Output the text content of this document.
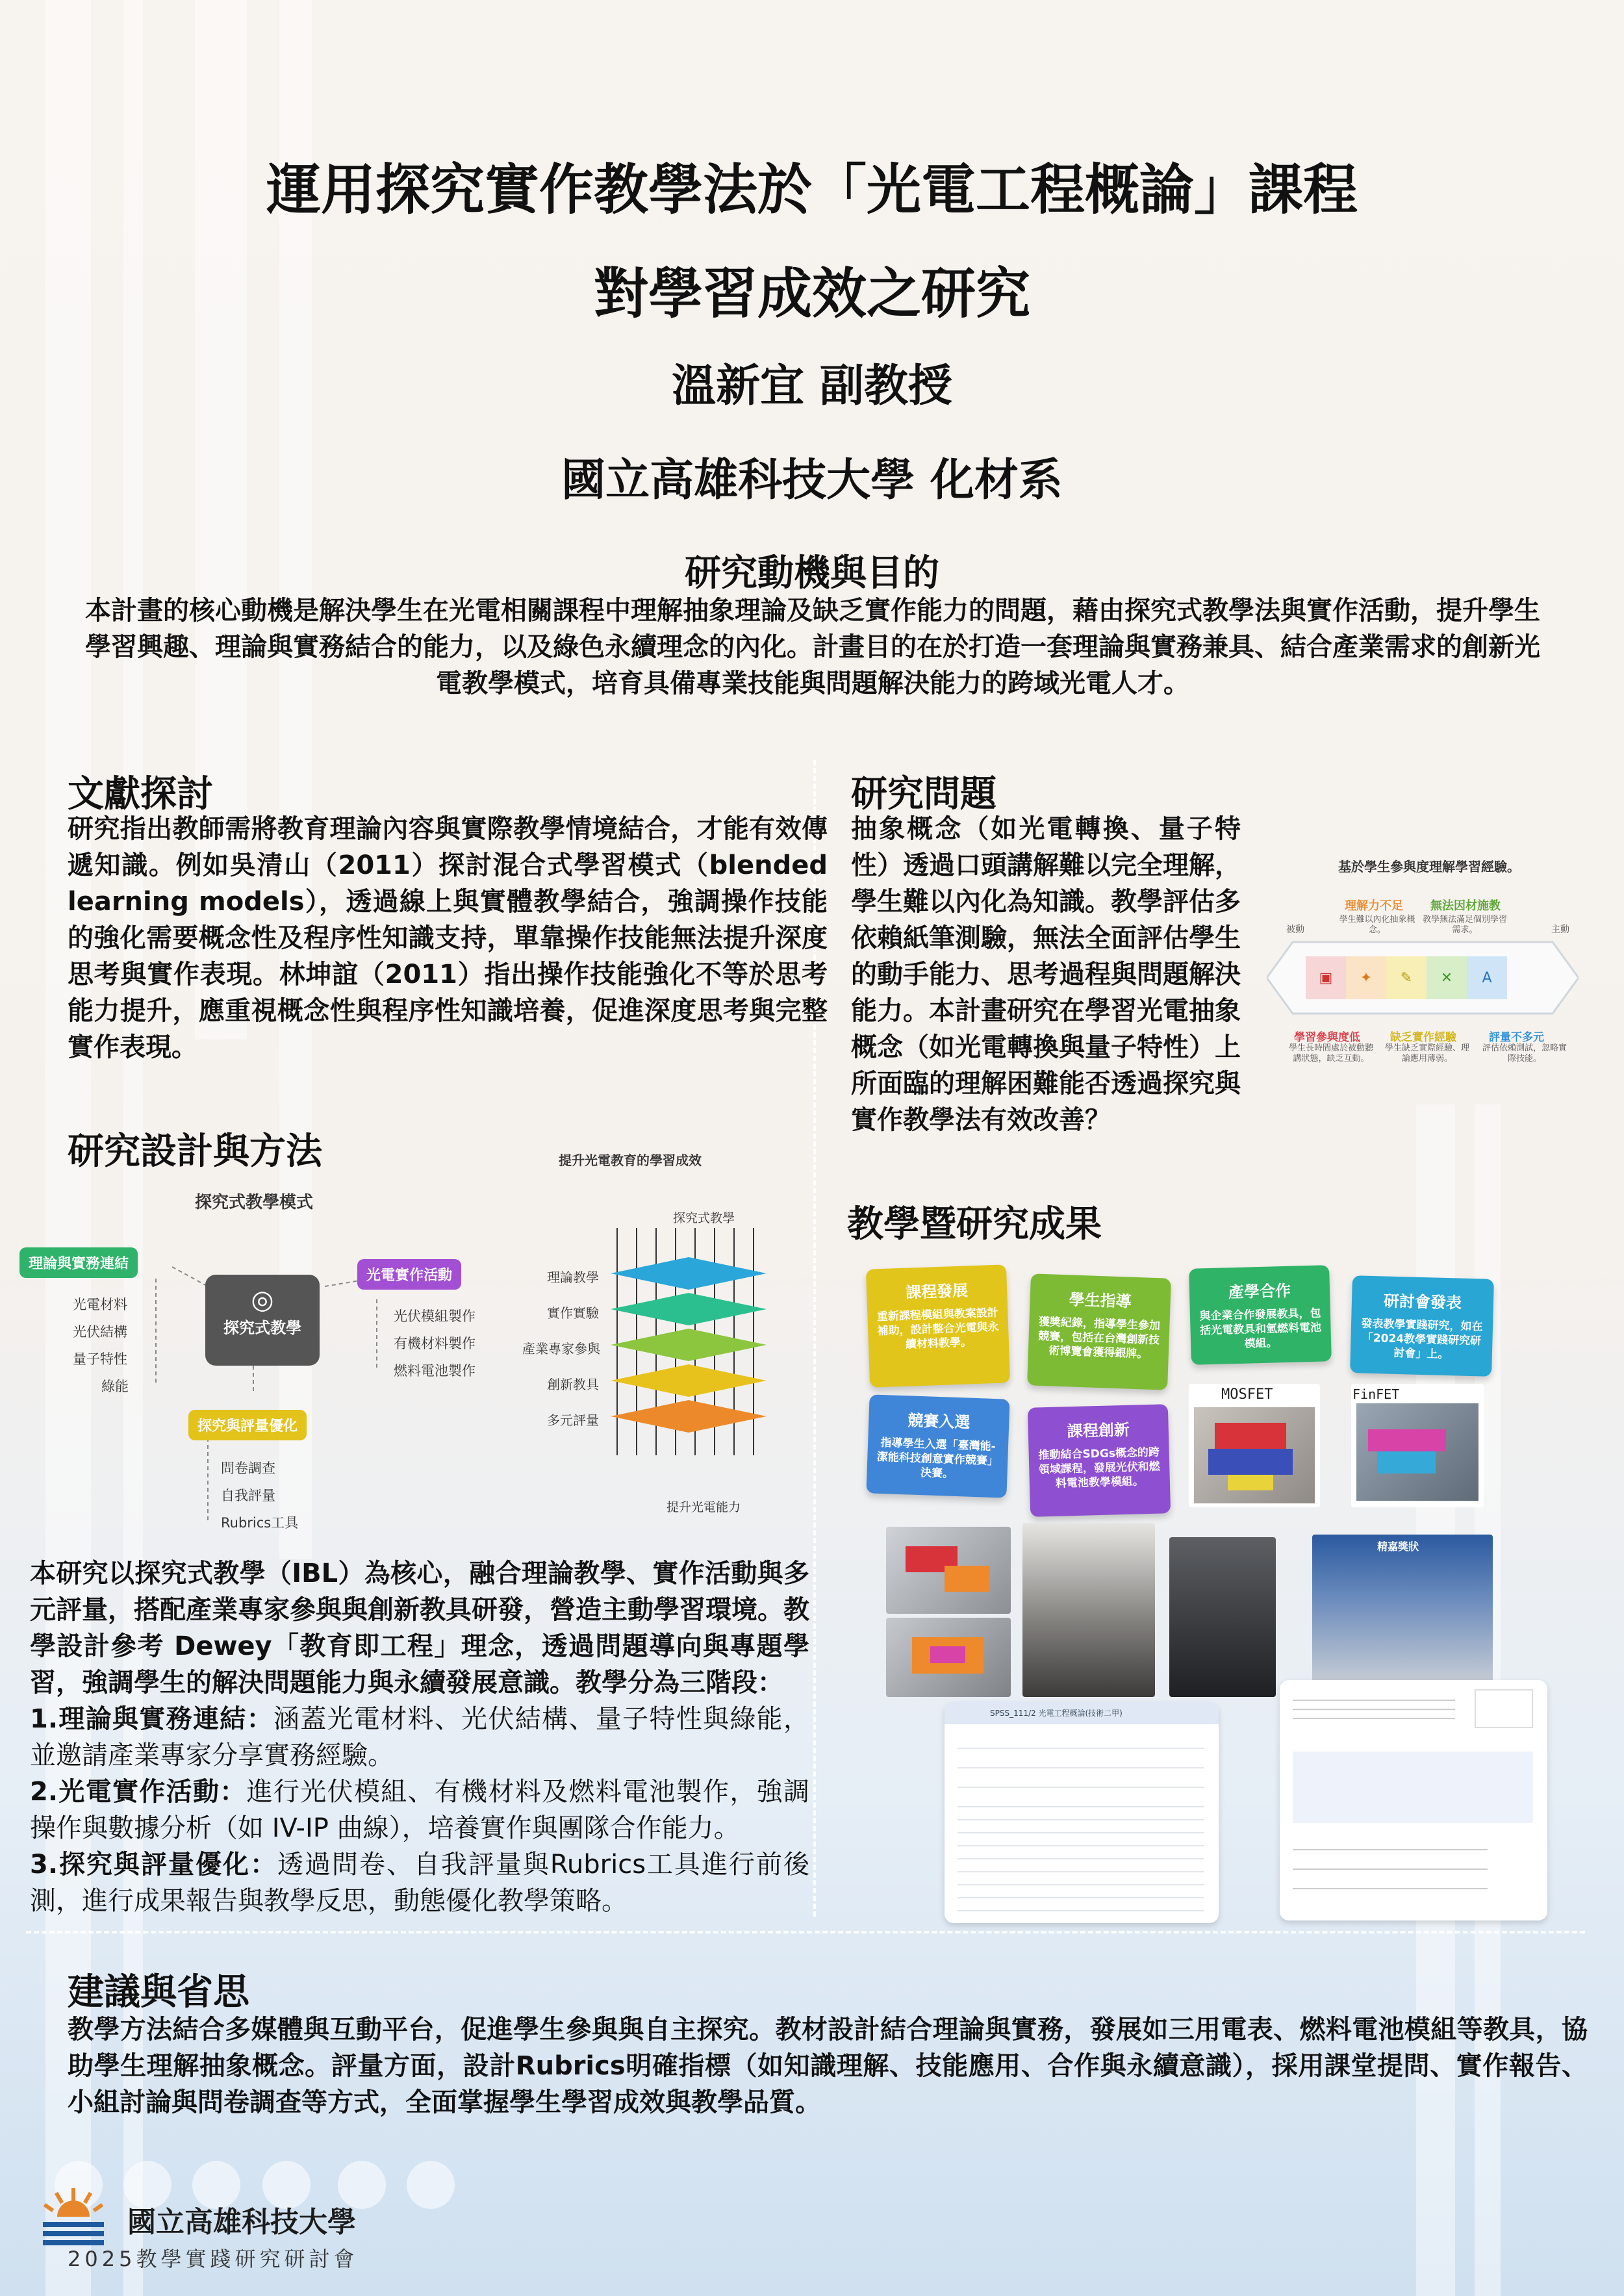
運用探究實作教學法於「光電工程概論」課程
對學習成效之研究
溫新宜 副教授
國立高雄科技大學 化材系
研究動機與目的
本計畫的核心動機是解決學生在光電相關課程中理解抽象理論及缺乏實作能力的問題，藉由探究式教學法與實作活動，提升學生學習興趣、理論與實務結合的能力，以及綠色永續理念的內化。計畫目的在於打造一套理論與實務兼具、結合產業需求的創新光電教學模式，培育具備專業技能與問題解決能力的跨域光電人才。
文獻探討
研究指出教師需將教育理論內容與實際教學情境結合，才能有效傳遞知識。例如吳清山（2011）探討混合式學習模式（blended learning models），透過線上與實體教學結合，強調操作技能的強化需要概念性及程序性知識支持，單靠操作技能無法提升深度思考與實作表現。林坤誼（2011）指出操作技能強化不等於思考能力提升，應重視概念性與程序性知識培養，促進深度思考與完整實作表現。
研究問題
抽象概念（如光電轉換、量子特性）透過口頭講解難以完全理解，學生難以內化為知識。教學評估多依賴紙筆測驗，無法全面評估學生的動手能力、思考過程與問題解決能力。本計畫研究在學習光電抽象概念（如光電轉換與量子特性）上所面臨的理解困難能否透過探究與實作教學法有效改善？
基於學生參與度理解學習經驗。
理解力不足
學生難以內化抽象概念。
無法因材施教
教學無法滿足個別學習需求。
被動	主動
▣ ✦ ✎ ✕ A
學習參與度低
學生長時間處於被動聽講狀態，缺乏互動。
缺乏實作經驗
學生缺乏實際經驗、理論應用薄弱。
評量不多元
評估依賴測試，忽略實際技能。
研究設計與方法
探究式教學模式
理論與實務連結
光電材料
光伏結構
量子特性
綠能
◎
探究式教學
光電實作活動
光伏模組製作
有機材料製作
燃料電池製作
探究與評量優化
問卷調查
自我評量
Rubrics工具
提升光電教育的學習成效
探究式教學
理論教學
實作實驗
產業專家參與
創新教具
多元評量
提升光電能力
本研究以探究式教學（IBL）為核心，融合理論教學、實作活動與多元評量，搭配產業專家參與與創新教具研發，營造主動學習環境。教學設計參考 Dewey「教育即工程」理念，透過問題導向與專題學習，強調學生的解決問題能力與永續發展意識。教學分為三階段：
1.理論與實務連結：涵蓋光電材料、光伏結構、量子特性與綠能，並邀請產業專家分享實務經驗。
2.光電實作活動：進行光伏模組、有機材料及燃料電池製作，強調操作與數據分析（如 IV-IP 曲線），培養實作與團隊合作能力。
3.探究與評量優化：透過問卷、自我評量與Rubrics工具進行前後測，進行成果報告與教學反思，動態優化教學策略。
教學暨研究成果
課程發展
重新課程模組與教案設計補助，設計整合光電與永續材料教學。
學生指導
獲獎紀錄，指導學生參加競賽，包括在台灣創新技術博覽會獲得銀牌。
產學合作
與企業合作發展教具，包括光電教具和氫燃料電池模組。
研討會發表
發表教學實踐研究，如在「2024教學實踐研究研討會」上。
競賽入選
指導學生入選「臺灣能-潔能科技創意實作競賽」決賽。
課程創新
推動結合SDGs概念的跨領域課程，發展光伏和燃料電池教學模組。
MOSFET	FinFET
精嘉獎狀
SPSS_111/2 光電工程概論(技術二甲)
建議與省思
教學方法結合多媒體與互動平台，促進學生參與與自主探究。教材設計結合理論與實務，發展如三用電表、燃料電池模組等教具，協助學生理解抽象概念。評量方面，設計Rubrics明確指標（如知識理解、技能應用、合作與永續意識），採用課堂提問、實作報告、小組討論與問卷調查等方式，全面掌握學生學習成效與教學品質。
國立高雄科技大學
2025教學實踐研究研討會
